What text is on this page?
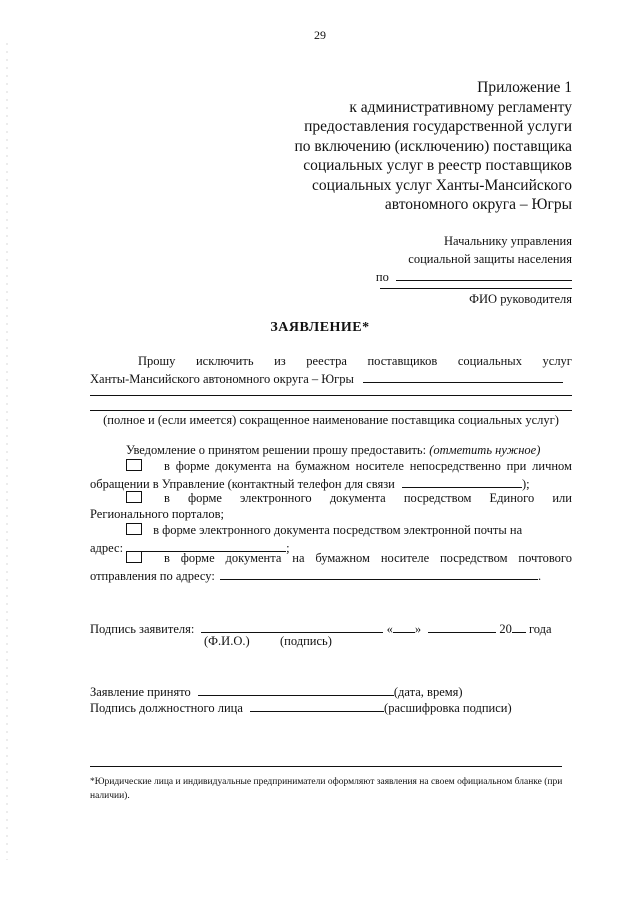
29
Приложение 1
к административному регламенту
предоставления государственной услуги
по включению (исключению) поставщика
социальных услуг в реестр поставщиков
социальных услуг Ханты-Мансийского
автономного округа – Югры
Начальнику управления
социальной защиты населения
по
ФИО руководителя
ЗАЯВЛЕНИЕ*
Прошу исключить из реестра поставщиков социальных услуг
Ханты-Мансийского автономного округа – Югры
(полное и (если имеется) сокращенное наименование поставщика социальных услуг)
Уведомление о принятом решении прошу предоставить: (отметить нужное)
в форме документа на бумажном носителе непосредственно при личном
обращении в Управление (контактный телефон для связи	);
в форме электронного документа посредством Единого или
Регионального порталов;
в форме электронного документа посредством электронной почты на
адрес:	;
в форме документа на бумажном носителе посредством почтового
отправления по адресу:	.
Подпись заявителя:	« »	20 года
(Ф.И.О.) (подпись)
Заявление принято	(дата, время)
Подпись должностного лица	(расшифровка подписи)
*Юридические лица и индивидуальные предприниматели оформляют заявления на своем официальном бланке (при наличии).
